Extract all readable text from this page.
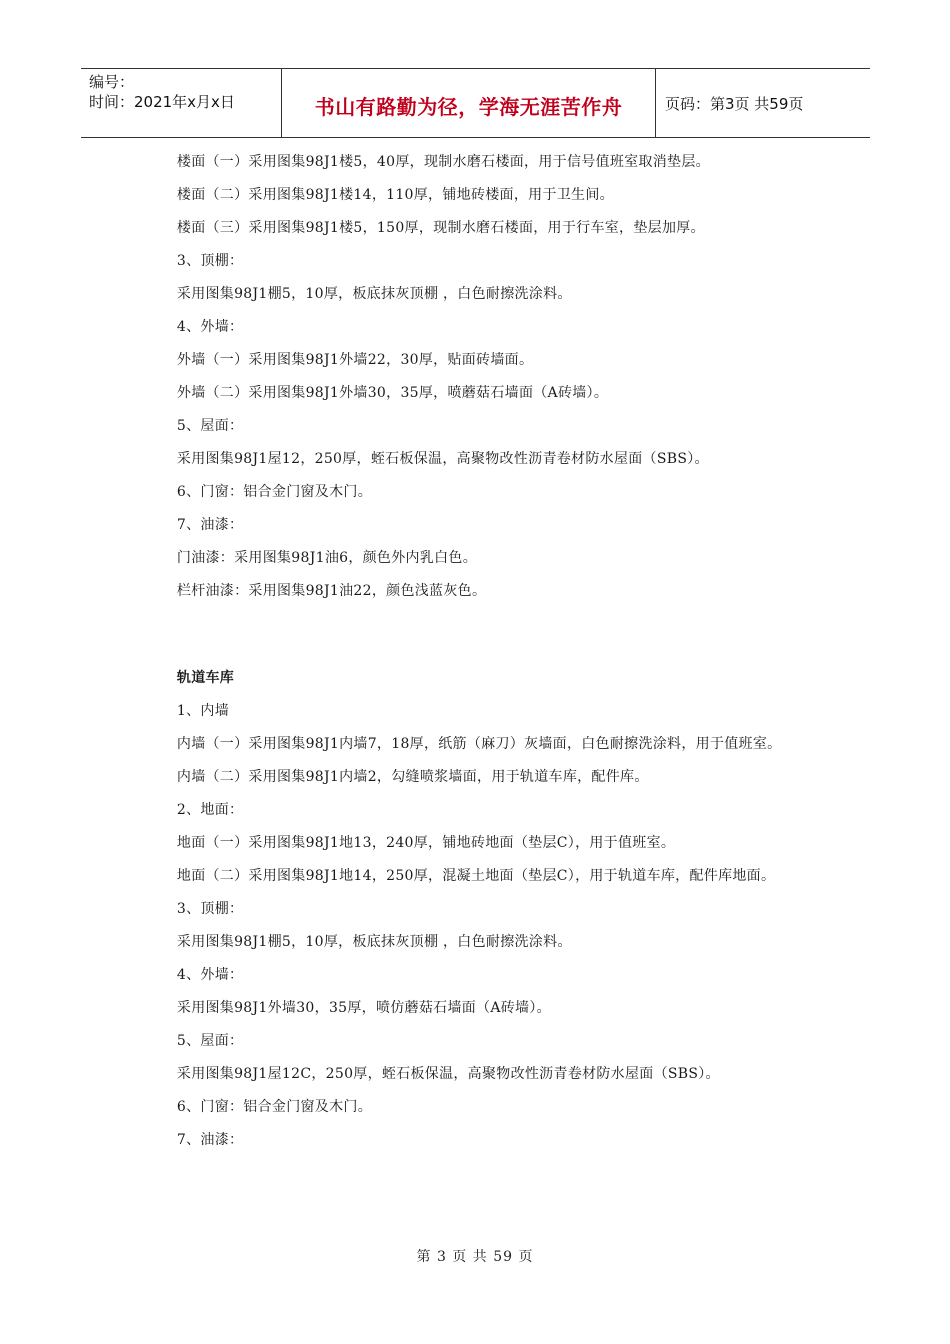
编号：
时间：2021年x月x日	书山有路勤为径，学海无涯苦作舟	页码：第3页 共59页

楼面（一）采用图集98J1楼5，40厚，现制水磨石楼面，用于信号值班室取消垫层。

楼面（二）采用图集98J1楼14，110厚，铺地砖楼面，用于卫生间。

楼面（三）采用图集98J1楼5，150厚，现制水磨石楼面，用于行车室，垫层加厚。

3、顶棚：

采用图集98J1棚5，10厚，板底抹灰顶棚 ，白色耐擦洗涂料。

4、外墙：

外墙（一）采用图集98J1外墙22，30厚，贴面砖墙面。

外墙（二）采用图集98J1外墙30，35厚，喷蘑菇石墙面（A砖墙）。

5、屋面：

采用图集98J1屋12，250厚，蛭石板保温，高聚物改性沥青卷材防水屋面（SBS）。

6、门窗：铝合金门窗及木门。

7、油漆：

门油漆：采用图集98J1油6，颜色外内乳白色。

栏杆油漆：采用图集98J1油22，颜色浅蓝灰色。

轨道车库

1、内墙

内墙（一）采用图集98J1内墙7，18厚，纸筋（麻刀）灰墙面，白色耐擦洗涂料，用于值班室。

内墙（二）采用图集98J1内墙2，勾缝喷浆墙面，用于轨道车库，配件库。

2、地面：

地面（一）采用图集98J1地13，240厚，铺地砖地面（垫层C），用于值班室。

地面（二）采用图集98J1地14，250厚，混凝土地面（垫层C），用于轨道车库，配件库地面。

3、顶棚：

采用图集98J1棚5，10厚，板底抹灰顶棚 ，白色耐擦洗涂料。

4、外墙：

采用图集98J1外墙30，35厚，喷仿蘑菇石墙面（A砖墙）。

5、屋面：

采用图集98J1屋12C，250厚，蛭石板保温，高聚物改性沥青卷材防水屋面（SBS）。

6、门窗：铝合金门窗及木门。

7、油漆：

第 3 页 共 59 页
